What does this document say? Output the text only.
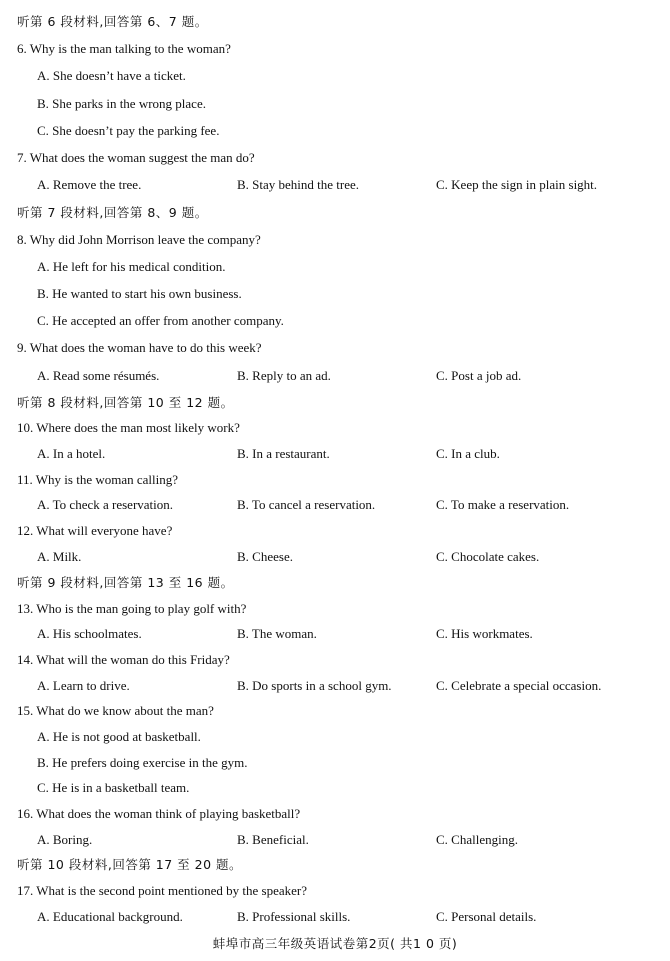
听第 6 段材料,回答第 6、7 题。
6. Why is the man talking to the woman?
A. She doesn’t have a ticket.
B. She parks in the wrong place.
C. She doesn’t pay the parking fee.
7. What does the woman suggest the man do?
A. Remove the tree.	B. Stay behind the tree.	C. Keep the sign in plain sight.
听第 7 段材料,回答第 8、9 题。
8. Why did John Morrison leave the company?
A. He left for his medical condition.
B. He wanted to start his own business.
C. He accepted an offer from another company.
9. What does the woman have to do this week?
A. Read some résumés.	B. Reply to an ad.	C. Post a job ad.
听第 8 段材料,回答第 10 至 12 题。
10. Where does the man most likely work?
A. In a hotel.	B. In a restaurant.	C. In a club.
11. Why is the woman calling?
A. To check a reservation.	B. To cancel a reservation.	C. To make a reservation.
12. What will everyone have?
A. Milk.	B. Cheese.	C. Chocolate cakes.
听第 9 段材料,回答第 13 至 16 题。
13. Who is the man going to play golf with?
A. His schoolmates.	B. The woman.	C. His workmates.
14. What will the woman do this Friday?
A. Learn to drive.	B. Do sports in a school gym.	C. Celebrate a special occasion.
15. What do we know about the man?
A. He is not good at basketball.
B. He prefers doing exercise in the gym.
C. He is in a basketball team.
16. What does the woman think of playing basketball?
A. Boring.	B. Beneficial.	C. Challenging.
听第 10 段材料,回答第 17 至 20 题。
17. What is the second point mentioned by the speaker?
A. Educational background.	B. Professional skills.	C. Personal details.
蚌埠市高三年级英语试卷第2页( 共1 0 页)
